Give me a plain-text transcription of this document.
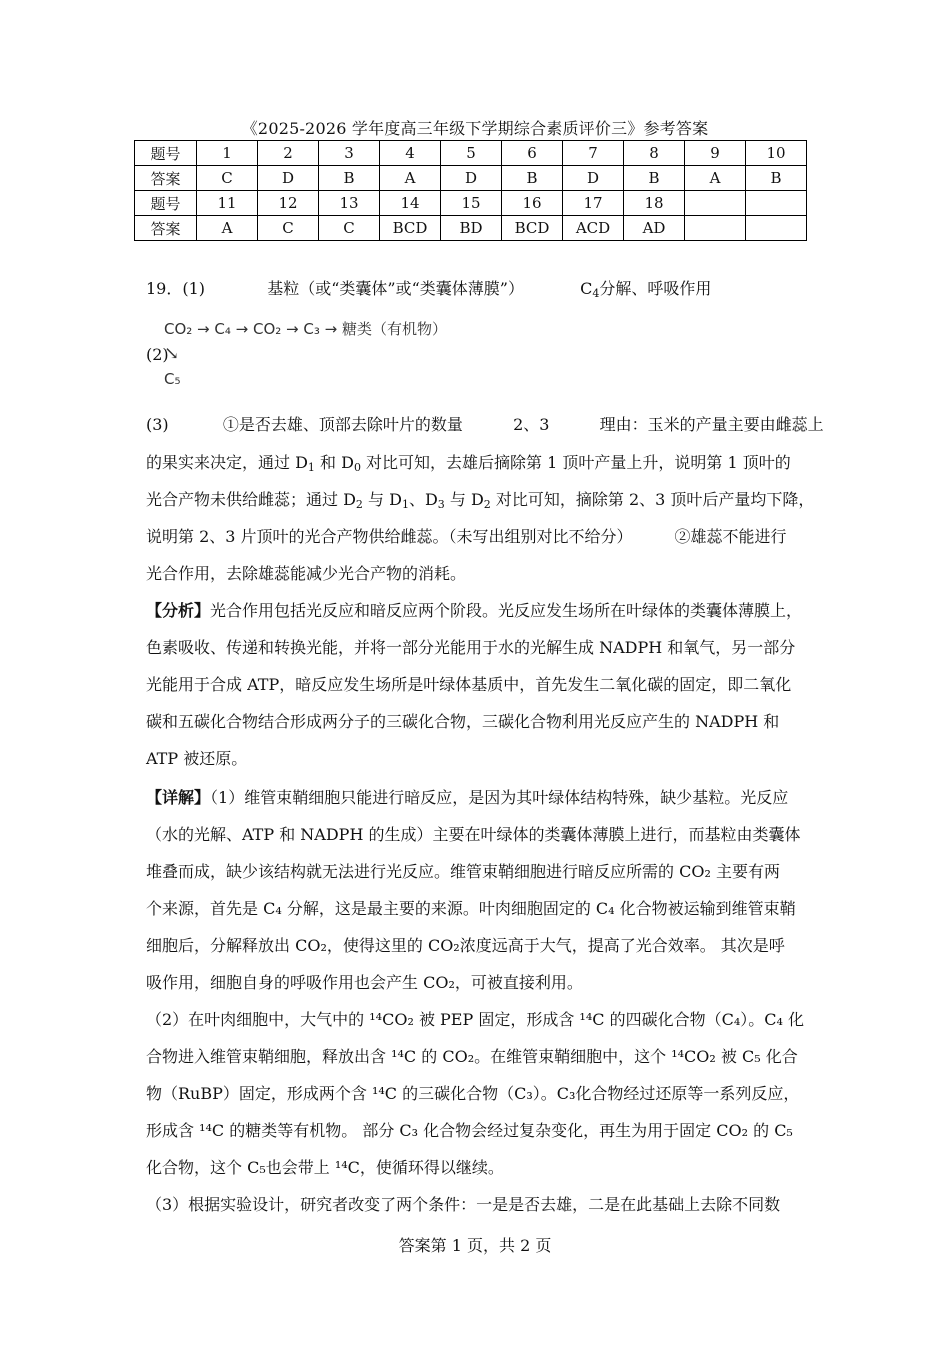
《2025-2026 学年度高三年级下学期综合素质评价三》参考答案
题号	1	2	3	4	5	6	7	8	9	10
答案	C	D	B	A	D	B	D	B	A	B
题号	11	12	13	14	15	16	17	18		
答案	A	C	C	BCD	BD	BCD	ACD	AD		
19．(1)	基粒（或“类囊体”或“类囊体薄膜”）	$C_4$分解、呼吸作用
CO₂ → C₄ → CO₂ → C₃ → 糖类（有机物）
(2)
↘
C₅
(3)	①是否去雄、顶部去除叶片的数量	2、3	理由：玉米的产量主要由雌蕊上
的果实来决定，通过 $D_1$ 和 $D_0$ 对比可知，去雄后摘除第 1 顶叶产量上升，说明第 1 顶叶的
光合产物未供给雌蕊；通过 $D_2$ 与 $D_1$、$D_3$ 与 $D_2$ 对比可知，摘除第 2、3 顶叶后产量均下降，
说明第 2、3 片顶叶的光合产物供给雌蕊。（未写出组别对比不给分）	②雄蕊不能进行
光合作用，去除雄蕊能减少光合产物的消耗。
【分析】光合作用包括光反应和暗反应两个阶段。光反应发生场所在叶绿体的类囊体薄膜上，
色素吸收、传递和转换光能，并将一部分光能用于水的光解生成 NADPH 和氧气，另一部分
光能用于合成 ATP，暗反应发生场所是叶绿体基质中，首先发生二氧化碳的固定，即二氧化
碳和五碳化合物结合形成两分子的三碳化合物，三碳化合物利用光反应产生的 NADPH 和
ATP 被还原。
【详解】（1）维管束鞘细胞只能进行暗反应，是因为其叶绿体结构特殊，缺少基粒。光反应
（水的光解、ATP 和 NADPH 的生成）主要在叶绿体的类囊体薄膜上进行，而基粒由类囊体
堆叠而成，缺少该结构就无法进行光反应。维管束鞘细胞进行暗反应所需的 CO₂ 主要有两
个来源，首先是 C₄ 分解，这是最主要的来源。叶肉细胞固定的 C₄ 化合物被运输到维管束鞘
细胞后，分解释放出 CO₂，使得这里的 CO₂浓度远高于大气，提高了光合效率。 其次是呼
吸作用，细胞自身的呼吸作用也会产生 CO₂，可被直接利用。
（2）在叶肉细胞中，大气中的 ¹⁴CO₂ 被 PEP 固定，形成含 ¹⁴C 的四碳化合物（C₄）。C₄ 化
合物进入维管束鞘细胞，释放出含 ¹⁴C 的 CO₂。在维管束鞘细胞中，这个 ¹⁴CO₂ 被 C₅ 化合
物（RuBP）固定，形成两个含 ¹⁴C 的三碳化合物（C₃）。C₃化合物经过还原等一系列反应，
形成含 ¹⁴C 的糖类等有机物。 部分 C₃ 化合物会经过复杂变化，再生为用于固定 CO₂ 的 C₅
化合物，这个 C₅也会带上 ¹⁴C，使循环得以继续。
（3）根据实验设计，研究者改变了两个条件：一是是否去雄，二是在此基础上去除不同数
答案第 1 页，共 2 页
